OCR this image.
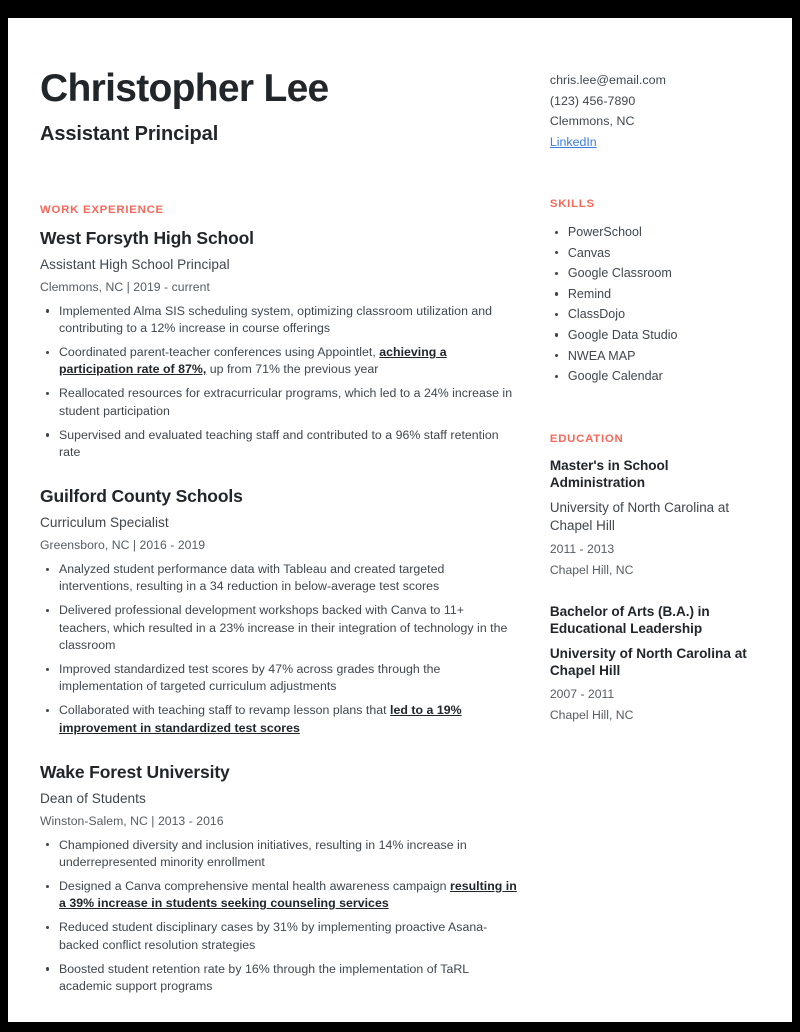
Christopher Lee
Assistant Principal
WORK EXPERIENCE
West Forsyth High School
Assistant High School Principal
Clemmons, NC | 2019 - current
Implemented Alma SIS scheduling system, optimizing classroom utilization and contributing to a 12% increase in course offerings
Coordinated parent-teacher conferences using Appointlet, achieving a participation rate of 87%, up from 71% the previous year
Reallocated resources for extracurricular programs, which led to a 24% increase in student participation
Supervised and evaluated teaching staff and contributed to a 96% staff retention rate
Guilford County Schools
Curriculum Specialist
Greensboro, NC | 2016 - 2019
Analyzed student performance data with Tableau and created targeted interventions, resulting in a 34 reduction in below-average test scores
Delivered professional development workshops backed with Canva to 11+ teachers, which resulted in a 23% increase in their integration of technology in the classroom
Improved standardized test scores by 47% across grades through the implementation of targeted curriculum adjustments
Collaborated with teaching staff to revamp lesson plans that led to a 19% improvement in standardized test scores
Wake Forest University
Dean of Students
Winston-Salem, NC | 2013 - 2016
Championed diversity and inclusion initiatives, resulting in 14% increase in underrepresented minority enrollment
Designed a Canva comprehensive mental health awareness campaign resulting in a 39% increase in students seeking counseling services
Reduced student disciplinary cases by 31% by implementing proactive Asana-backed conflict resolution strategies
Boosted student retention rate by 16% through the implementation of TaRL academic support programs
chris.lee@email.com
(123) 456-7890
Clemmons, NC
LinkedIn
SKILLS
PowerSchool
Canvas
Google Classroom
Remind
ClassDojo
Google Data Studio
NWEA MAP
Google Calendar
EDUCATION
Master's in School Administration
University of North Carolina at Chapel Hill
2011 - 2013
Chapel Hill, NC
Bachelor of Arts (B.A.) in Educational Leadership
University of North Carolina at Chapel Hill
2007 - 2011
Chapel Hill, NC
